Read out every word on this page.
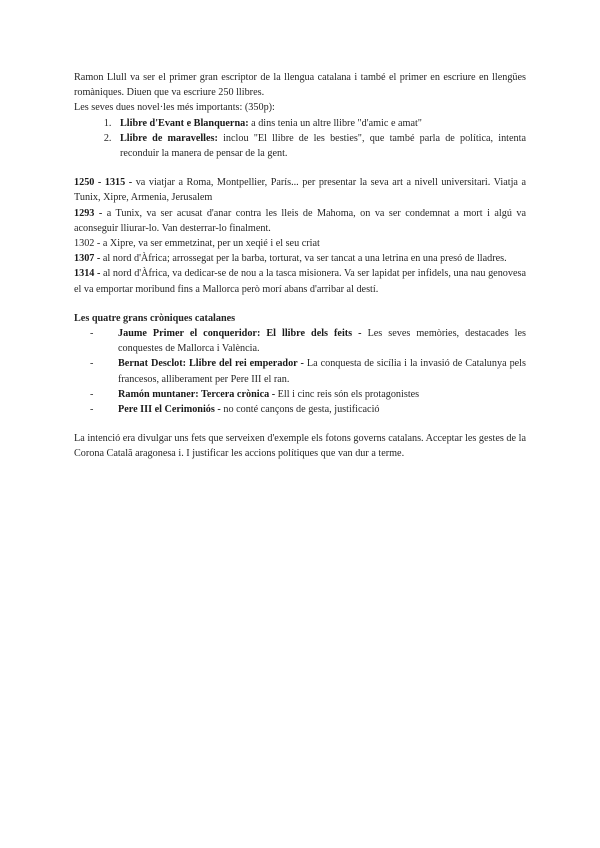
Ramon Llull va ser el primer gran escriptor de la llengua catalana i també el primer en escriure en llengües romàniques. Diuen que va escriure 250 llibres.

Les seves dues novel·les més importants: (350p):

1. Llibre d'Evant e Blanquerna: a dins tenia un altre llibre "d'amic e amat"
2. Llibre de maravelles: inclou "El llibre de les besties", que també parla de política, intenta reconduir la manera de pensar de la gent.

1250 - 1315 - va viatjar a Roma, Montpellier, París... per presentar la seva art a nivell universitari. Viatja a Tunix, Xipre, Armenia, Jerusalem

1293 - a Tunix, va ser acusat d'anar contra les lleis de Mahoma, on va ser condemnat a mort i algú va aconseguir lliurar-lo. Van desterrar-lo finalment.

1302 - a Xipre, va ser emmetzinat, per un xeqié i el seu criat

1307 - al nord d'Àfrica; arrossegat per la barba, torturat, va ser tancat a una letrina en una presó de lladres.

1314 - al nord d'Àfrica, va dedicar-se de nou a la tasca misionera. Va ser lapidat per infidels, una nau genovesa el va emportar moribund fins a Mallorca però morí abans d'arribar al destí.

Les quatre grans cròniques catalanes

- Jaume Primer el conqueridor: El llibre dels feits - Les seves memòries, destacades les conquestes de Mallorca i València.
- Bernat Desclot: Llibre del rei emperador - La conquesta de sicília i la invasió de Catalunya pels francesos, alliberament per Pere III el ran.
- Ramón muntaner: Tercera crònica - Ell i cinc reis són els protagonistes
- Pere III el Cerimoniós - no conté cançons de gesta, justificació

La intenció era divulgar uns fets que serveixen d'exemple els fotons governs catalans. Acceptar les gestes de la Corona Catalã aragonesa i. I justificar les accions polítiques que van dur a terme.
